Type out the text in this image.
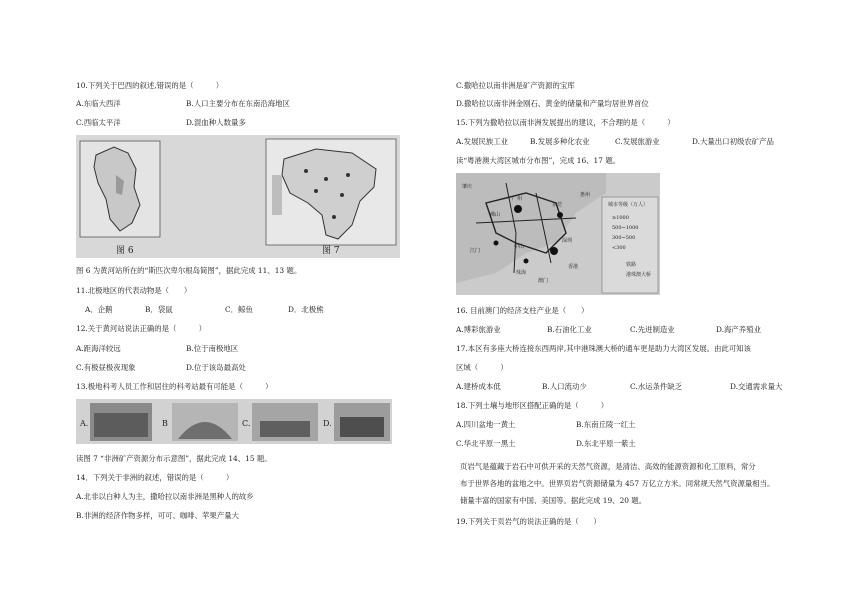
10.下列关于巴西的叙述,错误的是（　　　）
A.东临大西洋	B.人口主要分布在东南沿海地区
C.西临太平洋	D.混血种人数量多
图 6	图 7
图 6 为黄河站所在的“斯匹次卑尔根岛简图”，据此完成 11、13 题。
11.北极地区的代表动物是（　　）
A．企鹅	B．袋鼠	C．鲸鱼	D．北极熊
12.关于黄河站说法正确的是（　　　）
A.距海洋较远	B.位于南极地区
C.有极昼极夜现象	D.位于该岛最高处
13.极地科考人员工作和居住的科考站最有可能是（　　　）
A.	B	C.	D.
读图 7 “非洲矿产资源分布示意图”，据此完成 14、15 题。
14．下列关于非洲的叙述，错误的是（　　　）
A.北非以白种人为主，撒哈拉以南非洲是黑种人的故乡
B.非洲的经济作物多样，可可、咖啡、苹果产量大
C.撒哈拉以南非洲是矿产资源的宝库
D.撒哈拉以南非洲金刚石、黄金的储量和产量均居世界首位
15.下列为撒哈拉以南非洲发展提出的建议，不合理的是（　　　）
A.发展民族工业	B.发展多种化农业	C.发展旅游业	D.大量出口初级农矿产品
读“粤港澳大湾区城市分布图”，完成 16、17 题。
城市等级（万人）
≥1000
500~1000
300~500
<300
铁路
港珠澳大桥
广州
东莞
惠州
深圳
佛山
江门
中山
珠海
澳门
香港
肇庆
16. 目前澳门的经济支柱产业是（　　）
A.博彩旅游业	B.石油化工业	C.先进制造业	D.海产养殖业
17.本区有多座大桥连接东西两岸,其中港珠澳大桥的通车更是助力大湾区发展。由此可知该
区域（　　　）
A.建桥成本低	B.人口流动少	C.水运条件缺乏	D.交通需求量大
18.下列土壤与地形区搭配正确的是（　　　）
A.四川盆地一黄土	B.东南丘陵一红土
C.华北平原一黑土	D.东北平原一紫土
页岩气是蕴藏于岩石中可供开采的天然气资源，是清洁、高效的能源资源和化工原料，常分
布于世界各地的盆地之中。世界页岩气资源储量为 457 万亿立方米。同常规天然气资源量相当。
储量丰富的国家有中国、美国等。据此完成 19、20 题。
19.下列关于页岩气的说法正确的是（　　）
